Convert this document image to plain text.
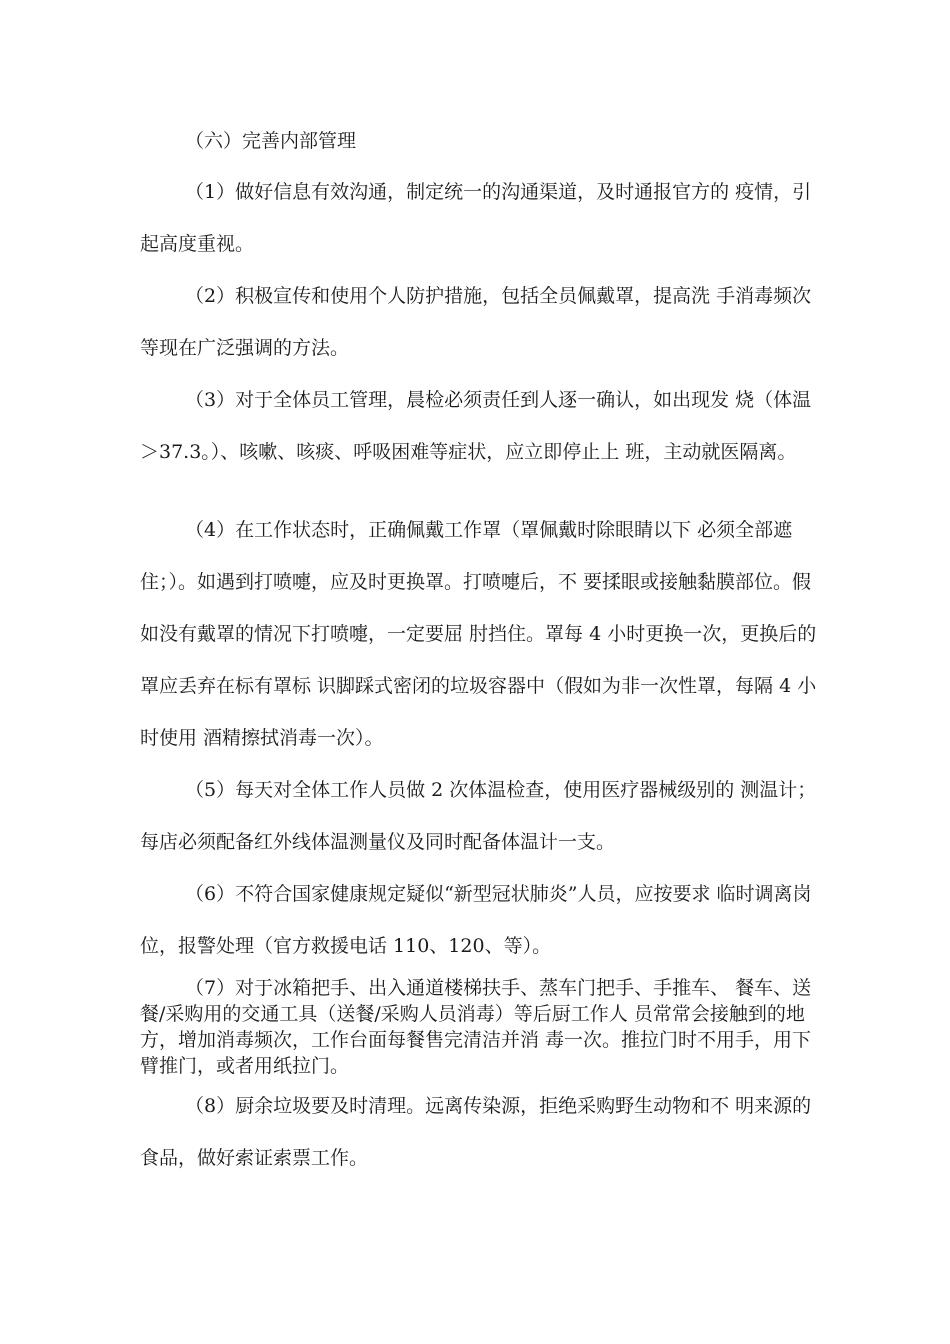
（六）完善内部管理

（1）做好信息有效沟通，制定统一的沟通渠道，及时通报官方的 疫情，引起高度重视。

（2）积极宣传和使用个人防护措施，包括全员佩戴罩，提高洗 手消毒频次等现在广泛强调的方法。

（3）对于全体员工管理，晨检必须责任到人逐一确认，如出现发 烧（体温＞37.3。）、咳嗽、咳痰、呼吸困难等症状，应立即停止上 班，主动就医隔离。

（4）在工作状态时，正确佩戴工作罩（罩佩戴时除眼睛以下 必须全部遮住；）。如遇到打喷嚏，应及时更换罩。打喷嚏后，不 要揉眼或接触黏膜部位。假如没有戴罩的情况下打喷嚏，一定要屈 肘挡住。罩每 4 小时更换一次，更换后的罩应丢弃在标有罩标 识脚踩式密闭的垃圾容器中（假如为非一次性罩，每隔 4 小时使用 酒精擦拭消毒一次）。

（5）每天对全体工作人员做 2 次体温检查，使用医疗器械级别的 测温计；每店必须配备红外线体温测量仪及同时配备体温计一支。

（6）不符合国家健康规定疑似“新型冠状肺炎”人员，应按要求 临时调离岗位，报警处理（官方救援电话 110、120、等）。

（7）对于冰箱把手、出入通道楼梯扶手、蒸车门把手、手推车、 餐车、送餐/采购用的交通工具（送餐/采购人员消毒）等后厨工作人 员常常会接触到的地方，增加消毒频次，工作台面每餐售完清洁并消 毒一次。推拉门时不用手，用下臂推门，或者用纸拉门。

（8）厨余垃圾要及时清理。远离传染源，拒绝采购野生动物和不 明来源的食品，做好索证索票工作。
